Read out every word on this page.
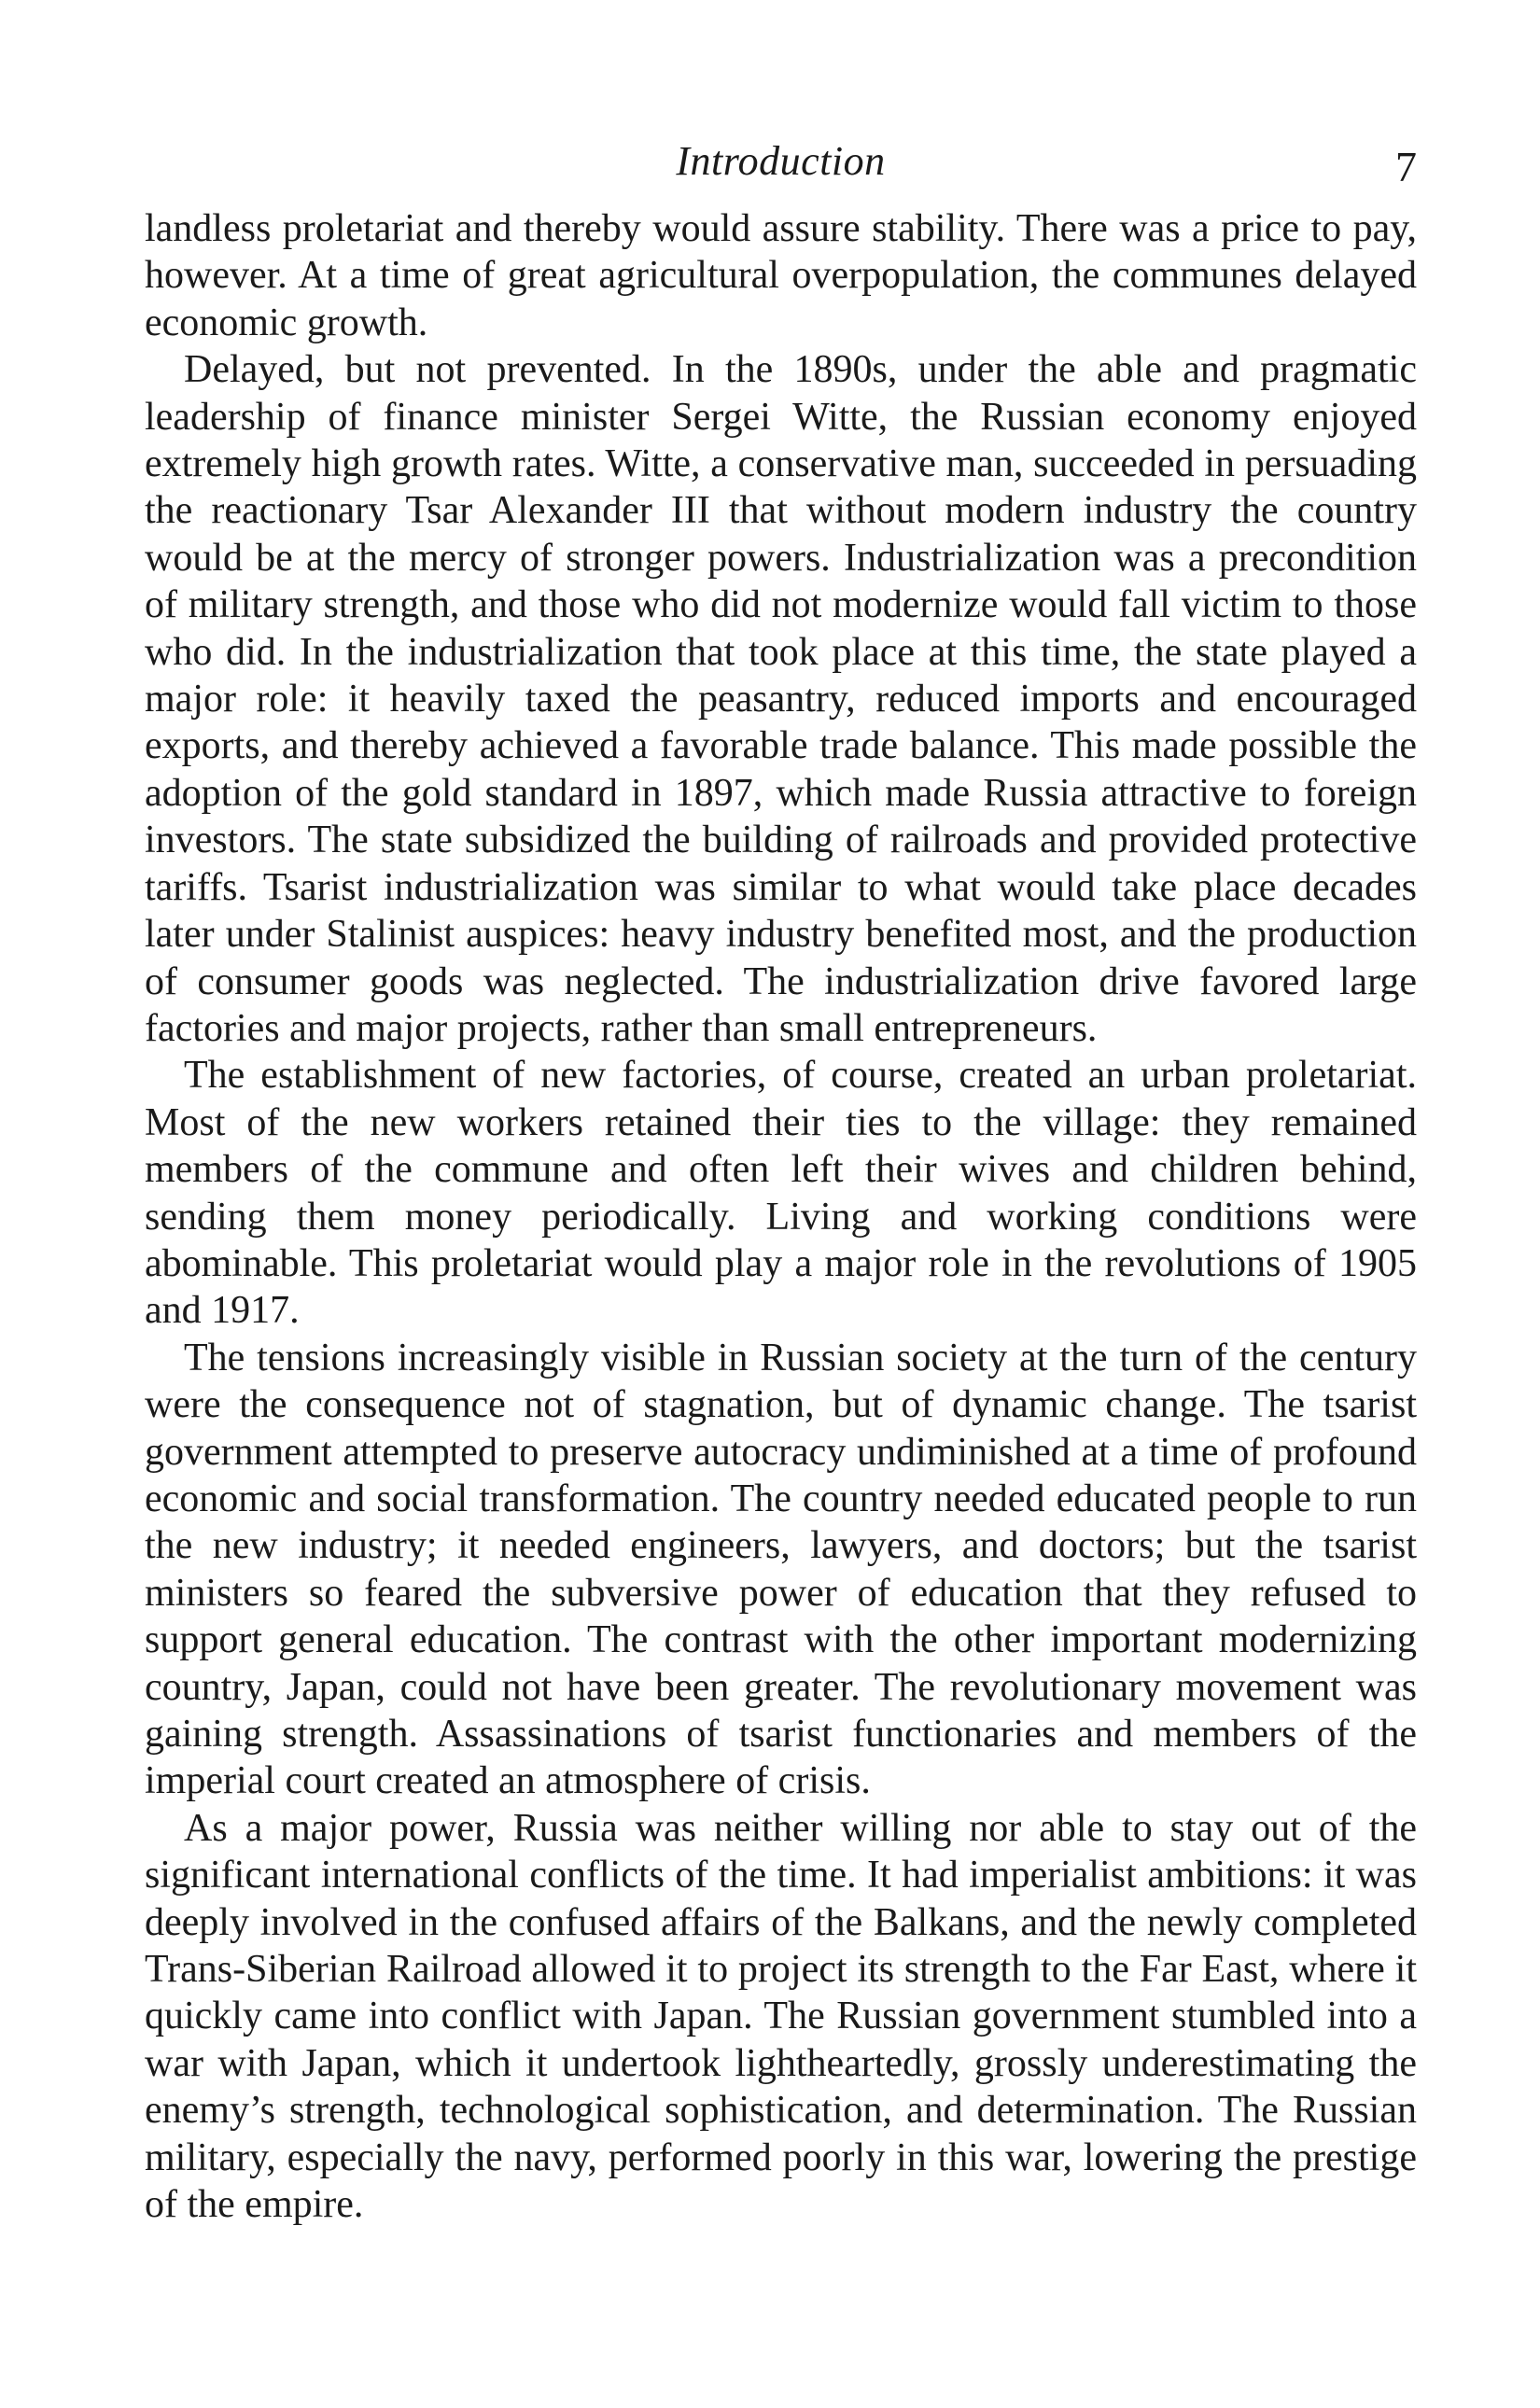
Introduction	7

landless proletariat and thereby would assure stability. There was a price to pay, however. At a time of great agricultural overpopulation, the communes delayed economic growth.

Delayed, but not prevented. In the 1890s, under the able and pragmatic leadership of finance minister Sergei Witte, the Russian economy enjoyed extremely high growth rates. Witte, a conservative man, succeeded in persuading the reactionary Tsar Alexander III that without modern industry the country would be at the mercy of stronger powers. Industrialization was a precondition of military strength, and those who did not modernize would fall victim to those who did. In the industrialization that took place at this time, the state played a major role: it heavily taxed the peasantry, reduced imports and encouraged exports, and thereby achieved a favorable trade balance. This made possible the adoption of the gold standard in 1897, which made Russia attractive to foreign investors. The state subsidized the building of railroads and provided protective tariffs. Tsarist industrialization was similar to what would take place decades later under Stalinist auspices: heavy industry benefited most, and the production of consumer goods was neglected. The industrialization drive favored large factories and major projects, rather than small entrepreneurs.

The establishment of new factories, of course, created an urban proletariat. Most of the new workers retained their ties to the village: they remained members of the commune and often left their wives and children behind, sending them money periodically. Living and working conditions were abominable. This proletariat would play a major role in the revolutions of 1905 and 1917.

The tensions increasingly visible in Russian society at the turn of the century were the consequence not of stagnation, but of dynamic change. The tsarist government attempted to preserve autocracy undiminished at a time of profound economic and social transformation. The country needed educated people to run the new industry; it needed engineers, lawyers, and doctors; but the tsarist ministers so feared the subversive power of education that they refused to support general education. The contrast with the other important modernizing country, Japan, could not have been greater. The revolutionary movement was gaining strength. Assassinations of tsarist functionaries and members of the imperial court created an atmosphere of crisis.

As a major power, Russia was neither willing nor able to stay out of the significant international conflicts of the time. It had imperialist ambitions: it was deeply involved in the confused affairs of the Balkans, and the newly completed Trans-Siberian Railroad allowed it to project its strength to the Far East, where it quickly came into conflict with Japan. The Russian government stumbled into a war with Japan, which it undertook lightheartedly, grossly underestimating the enemy’s strength, technological sophistication, and determination. The Russian military, especially the navy, performed poorly in this war, lowering the prestige of the empire.
